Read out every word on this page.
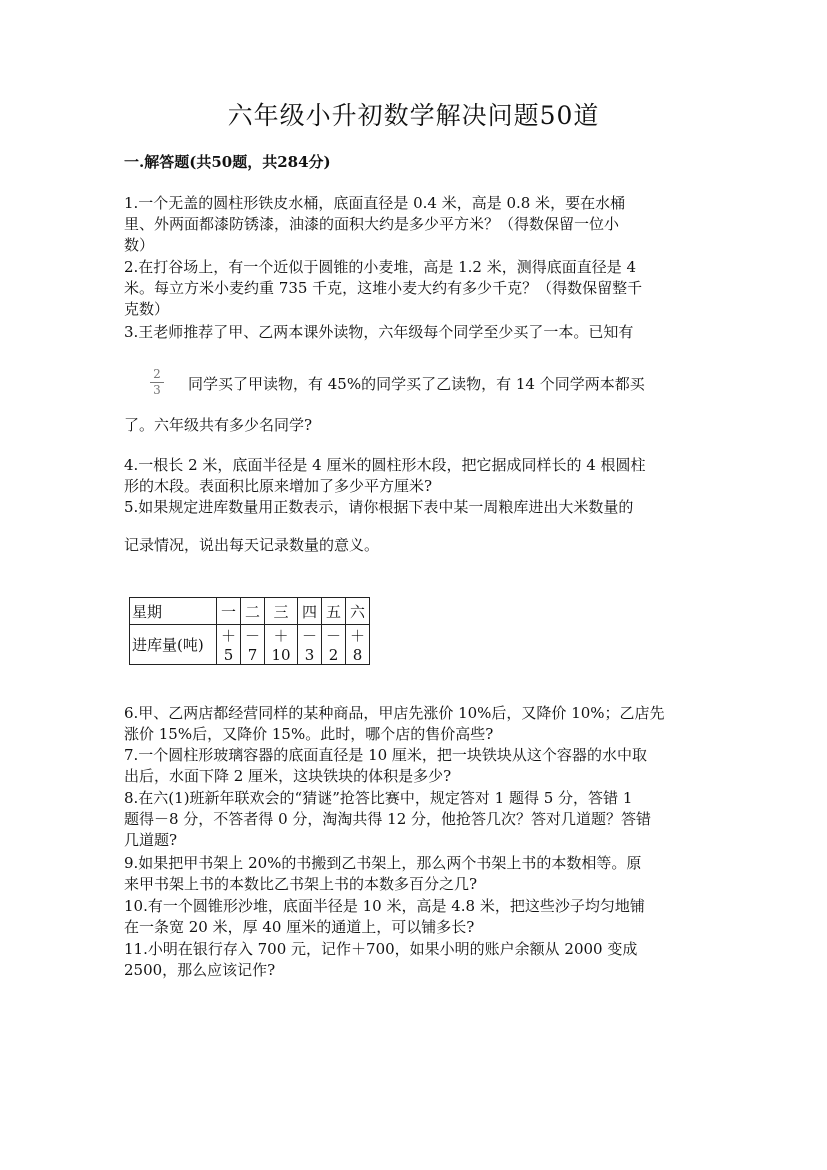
六年级小升初数学解决问题50道
一.解答题(共50题，共284分)
1.一个无盖的圆柱形铁皮水桶，底面直径是 0.4 米，高是 0.8 米，要在水桶
里、外两面都漆防锈漆，油漆的面积大约是多少平方米？（得数保留一位小
数）
2.在打谷场上，有一个近似于圆锥的小麦堆，高是 1.2 米，测得底面直径是 4
米。每立方米小麦约重 735 千克，这堆小麦大约有多少千克？（得数保留整千
克数）
3.王老师推荐了甲、乙两本课外读物，六年级每个同学至少买了一本。已知有
2
3 同学买了甲读物，有 45%的同学买了乙读物，有 14 个同学两本都买
了。六年级共有多少名同学?
4.一根长 2 米，底面半径是 4 厘米的圆柱形木段，把它据成同样长的 4 根圆柱
形的木段。表面积比原来增加了多少平方厘米?
5.如果规定进库数量用正数表示，请你根据下表中某一周粮库进出大米数量的
记录情况，说出每天记录数量的意义。
星期	一	二	三	四	五	六
进库量(吨)	＋5	－7	＋10	－3	－2	＋8
6.甲、乙两店都经营同样的某种商品，甲店先涨价 10%后，又降价 10%；乙店先
涨价 15%后，又降价 15%。此时，哪个店的售价高些?
7.一个圆柱形玻璃容器的底面直径是 10 厘米，把一块铁块从这个容器的水中取
出后，水面下降 2 厘米，这块铁块的体积是多少?
8.在六(1)班新年联欢会的“猜谜”抢答比赛中，规定答对 1 题得 5 分，答错 1
题得－8 分，不答者得 0 分，淘淘共得 12 分，他抢答几次？答对几道题？答错
几道题?
9.如果把甲书架上 20%的书搬到乙书架上，那么两个书架上书的本数相等。原
来甲书架上书的本数比乙书架上书的本数多百分之几?
10.有一个圆锥形沙堆，底面半径是 10 米，高是 4.8 米，把这些沙子均匀地铺
在一条宽 20 米，厚 40 厘米的通道上，可以铺多长?
11.小明在银行存入 700 元，记作＋700，如果小明的账户余额从 2000 变成
2500，那么应该记作?
